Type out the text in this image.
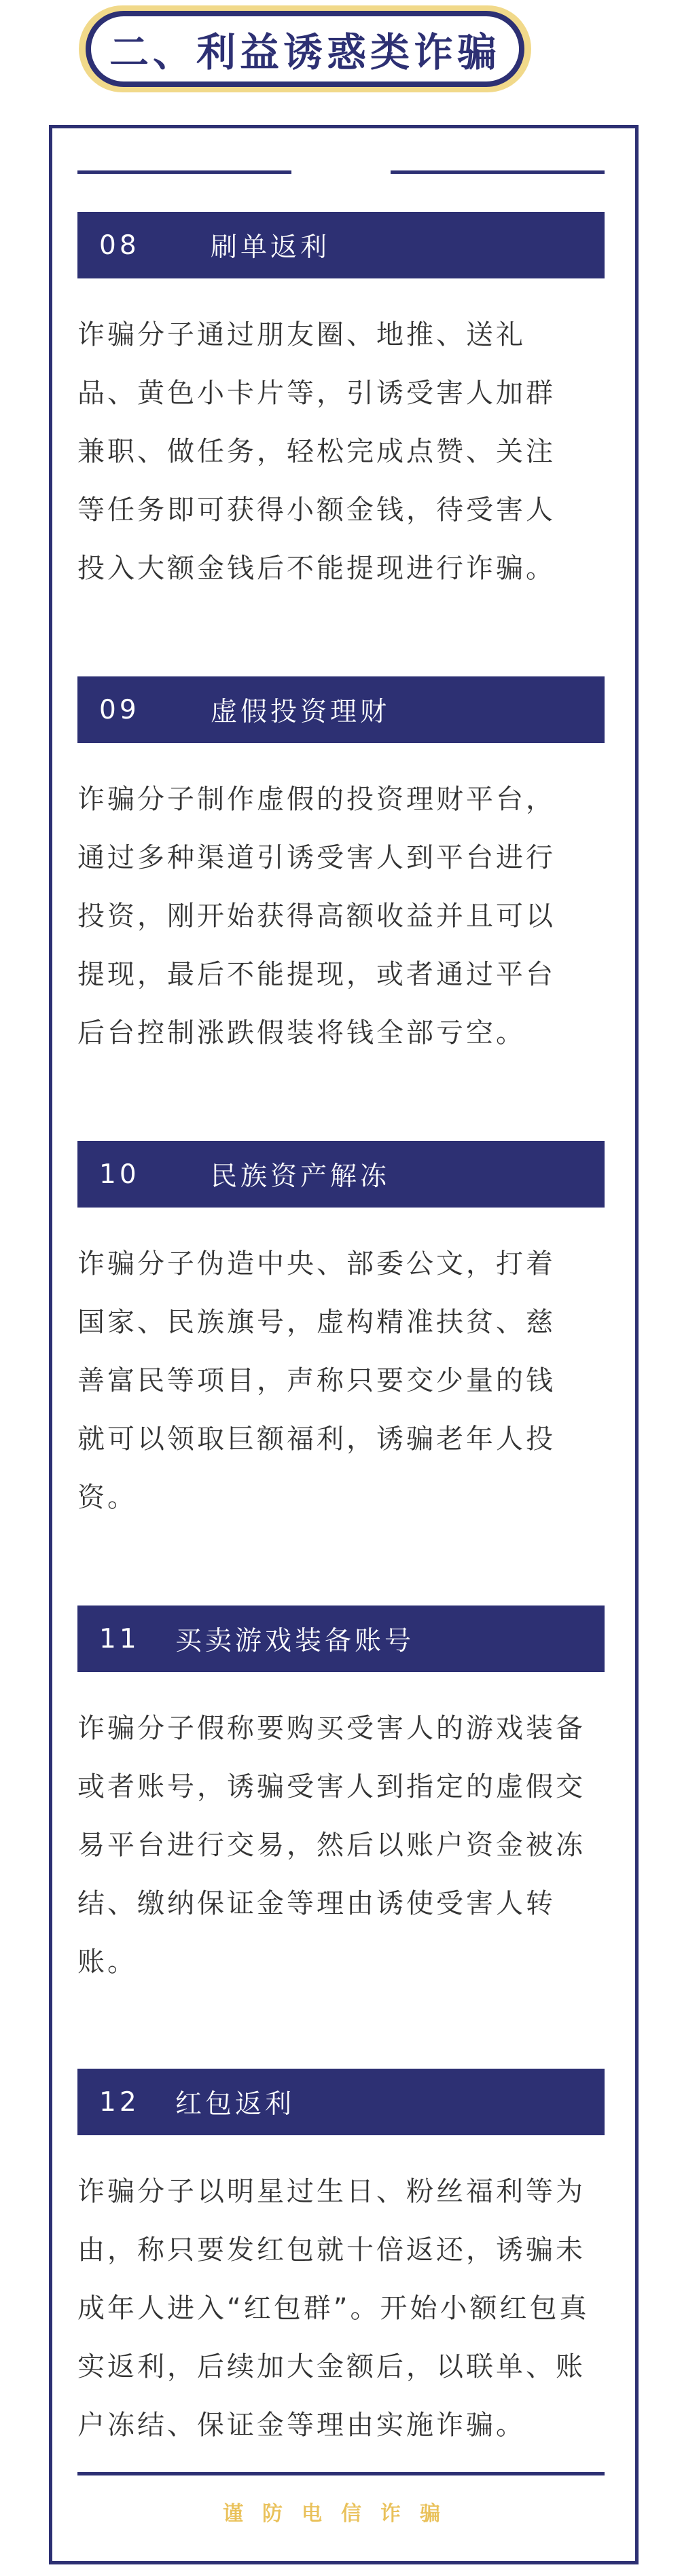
二、利益诱惑类诈骗
08	刷单返利
诈骗分子通过朋友圈、地推、送礼
品、黄色小卡片等，引诱受害人加群
兼职、做任务，轻松完成点赞、关注
等任务即可获得小额金钱，待受害人
投入大额金钱后不能提现进行诈骗。
09	虚假投资理财
诈骗分子制作虚假的投资理财平台，
通过多种渠道引诱受害人到平台进行
投资，刚开始获得高额收益并且可以
提现，最后不能提现，或者通过平台
后台控制涨跌假装将钱全部亏空。
10	民族资产解冻
诈骗分子伪造中央、部委公文，打着
国家、民族旗号，虚构精准扶贫、慈
善富民等项目，声称只要交少量的钱
就可以领取巨额福利，诱骗老年人投
资。
11 买卖游戏装备账号
诈骗分子假称要购买受害人的游戏装备
或者账号，诱骗受害人到指定的虚假交
易平台进行交易，然后以账户资金被冻
结、缴纳保证金等理由诱使受害人转
账。
12 红包返利
诈骗分子以明星过生日、粉丝福利等为
由，称只要发红包就十倍返还，诱骗未
成年人进入“红包群”。开始小额红包真
实返利，后续加大金额后，以联单、账
户冻结、保证金等理由实施诈骗。
谨防电信诈骗
